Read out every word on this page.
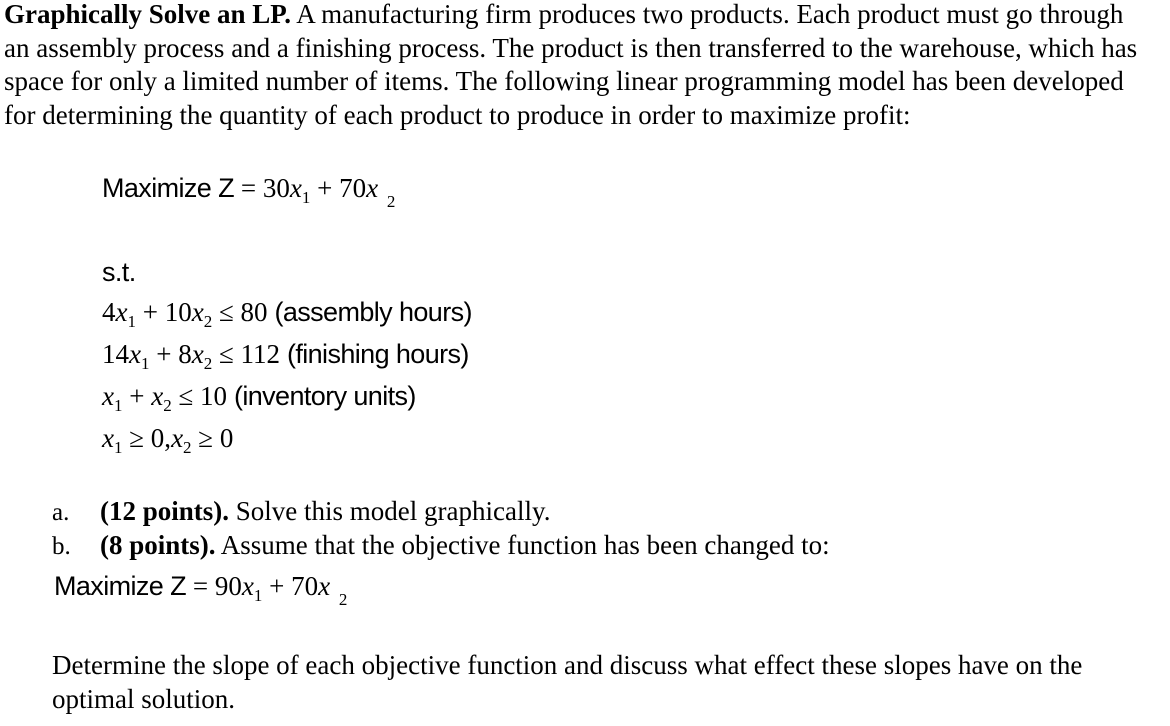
Graphically Solve an LP. A manufacturing firm produces two products. Each product must go through an assembly process and a finishing process. The product is then transferred to the warehouse, which has space for only a limited number of items. The following linear programming model has been developed for determining the quantity of each product to produce in order to maximize profit:
Maximize $Z = 30x_1 + 70x$ $_2$
s.t.
$4x_1 + 10x_2 \le 80$ (assembly hours)
$14x_1 + 8x_2 \le 112$ (finishing hours)
$x_1 + x_2 \le 10$ (inventory units)
$x_1 \ge 0,x_2 \ge 0$
a. (12 points). Solve this model graphically.
b. (8 points). Assume that the objective function has been changed to:
Maximize $Z = 90x_1 + 70x$ $_2$
Determine the slope of each objective function and discuss what effect these slopes have on the optimal solution.
